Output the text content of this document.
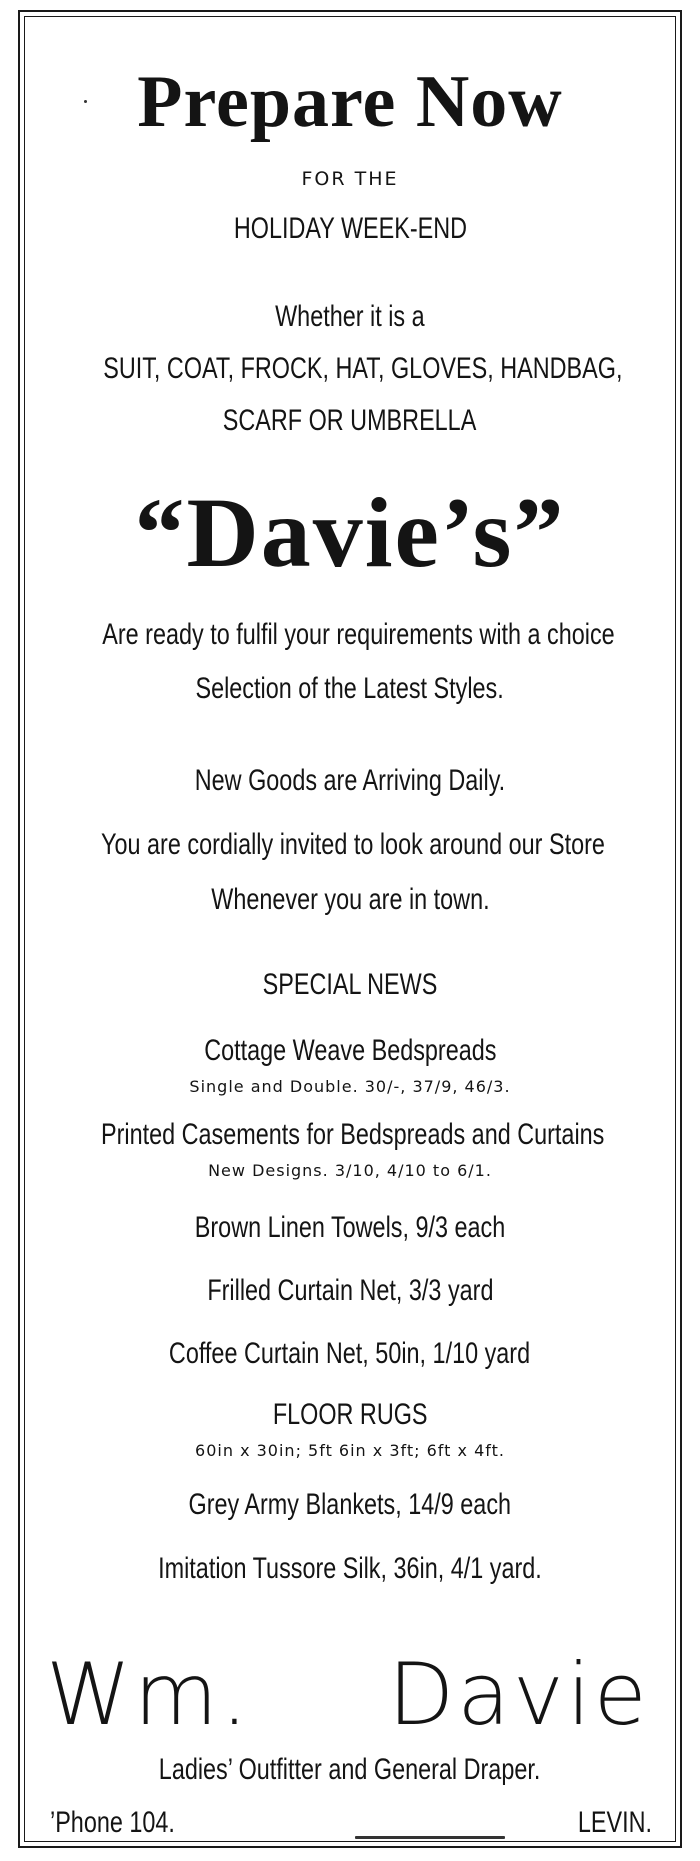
Prepare Now
FOR THE
HOLIDAY WEEK-END
Whether it is a
SUIT, COAT, FROCK, HAT, GLOVES, HANDBAG,
SCARF OR UMBRELLA
“Davie’s”
Are ready to fulfil your requirements with a choice
Selection of the Latest Styles.
New Goods are Arriving Daily.
You are cordially invited to look around our Store
Whenever you are in town.
SPECIAL NEWS
Cottage Weave Bedspreads
Single and Double. 30/-, 37/9, 46/3.
Printed Casements for Bedspreads and Curtains
New Designs. 3/10, 4/10 to 6/1.
Brown Linen Towels, 9/3 each
Frilled Curtain Net, 3/3 yard
Coffee Curtain Net, 50in, 1/10 yard
FLOOR RUGS
60in x 30in; 5ft 6in x 3ft; 6ft x 4ft.
Grey Army Blankets, 14/9 each
Imitation Tussore Silk, 36in, 4/1 yard.
Wm. Davie
Ladies’ Outfitter and General Draper.
’Phone 104.	LEVIN.
